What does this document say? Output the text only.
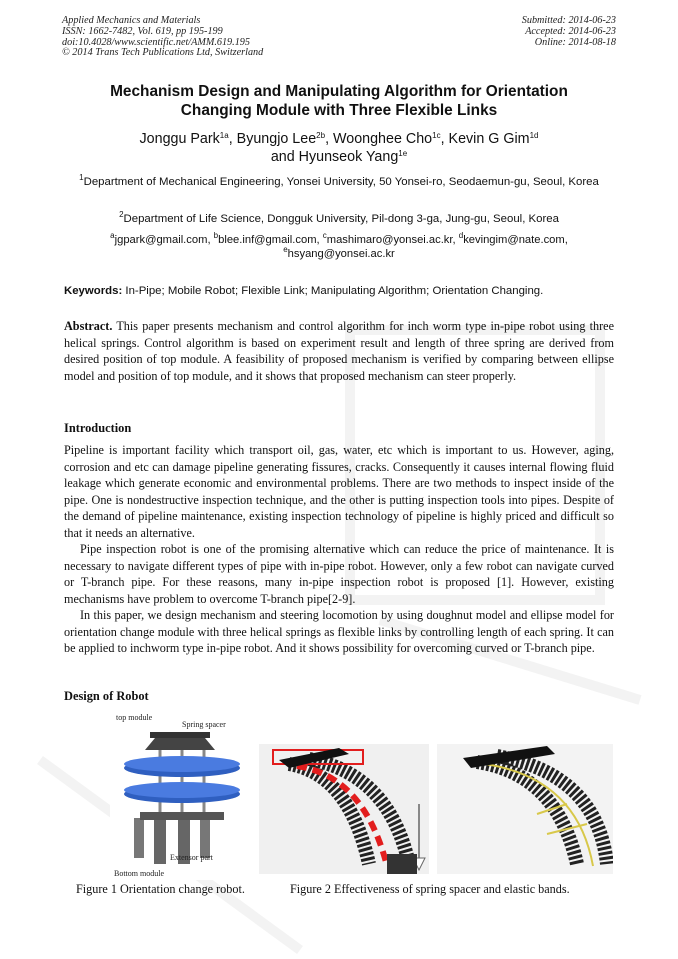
Applied Mechanics and Materials
ISSN: 1662-7482, Vol. 619, pp 195-199
doi:10.4028/www.scientific.net/AMM.619.195
© 2014 Trans Tech Publications Ltd, Switzerland
Submitted: 2014-06-23
Accepted: 2014-06-23
Online: 2014-08-18
Mechanism Design and Manipulating Algorithm for Orientation
Changing Module with Three Flexible Links
Jonggu Park$^{1a}$, Byungjo Lee$^{2b}$, Woonghee Cho$^{1c}$, Kevin G Gim$^{1d}$
and Hyunseok Yang$^{1e}$
$^1$Department of Mechanical Engineering, Yonsei University, 50 Yonsei-ro, Seodaemun-gu, Seoul, Korea
$^2$Department of Life Science, Dongguk University, Pil-dong 3-ga, Jung-gu, Seoul, Korea
$^a$jgpark@gmail.com, $^b$blee.inf@gmail.com, $^c$mashimaro@yonsei.ac.kr, $^d$kevingim@nate.com, $^e$hsyang@yonsei.ac.kr
Keywords: In-Pipe; Mobile Robot; Flexible Link; Manipulating Algorithm; Orientation Changing.

Abstract. This paper presents mechanism and control algorithm for inch worm type in-pipe robot using three helical springs. Control algorithm is based on experiment result and length of three spring are derived from desired position of top module. A feasibility of proposed mechanism is verified by comparing between ellipse model and position of top module, and it shows that proposed mechanism can steer properly.

Introduction

Pipeline is important facility which transport oil, gas, water, etc which is important to us. However, aging, corrosion and etc can damage pipeline generating fissures, cracks. Consequently it causes internal flowing fluid leakage which generate economic and environmental problems. There are two methods to inspect inside of the pipe. One is nondestructive inspection technique, and the other is putting inspection tools into pipes. Despite of the demand of pipeline maintenance, existing inspection technology of pipeline is highly priced and difficult so that it needs an alternative.

Pipe inspection robot is one of the promising alternative which can reduce the price of maintenance. It is necessary to navigate different types of pipe with in-pipe robot. However, only a few robot can navigate curved or T-branch pipe. For these reasons, many in-pipe inspection robot is proposed [1]. However, existing mechanisms have problem to overcome T-branch pipe[2-9].

In this paper, we design mechanism and steering locomotion by using doughnut model and ellipse model for orientation change module with three helical springs as flexible links by controlling length of each spring. It can be applied to inchworm type in-pipe robot. And it shows possibility for overcoming curved or T-branch pipe.

Design of Robot
top module
Spring spacer
Extensor part
Bottom module
Figure 1 Orientation change robot.	Figure 2 Effectiveness of spring spacer and elastic bands.
